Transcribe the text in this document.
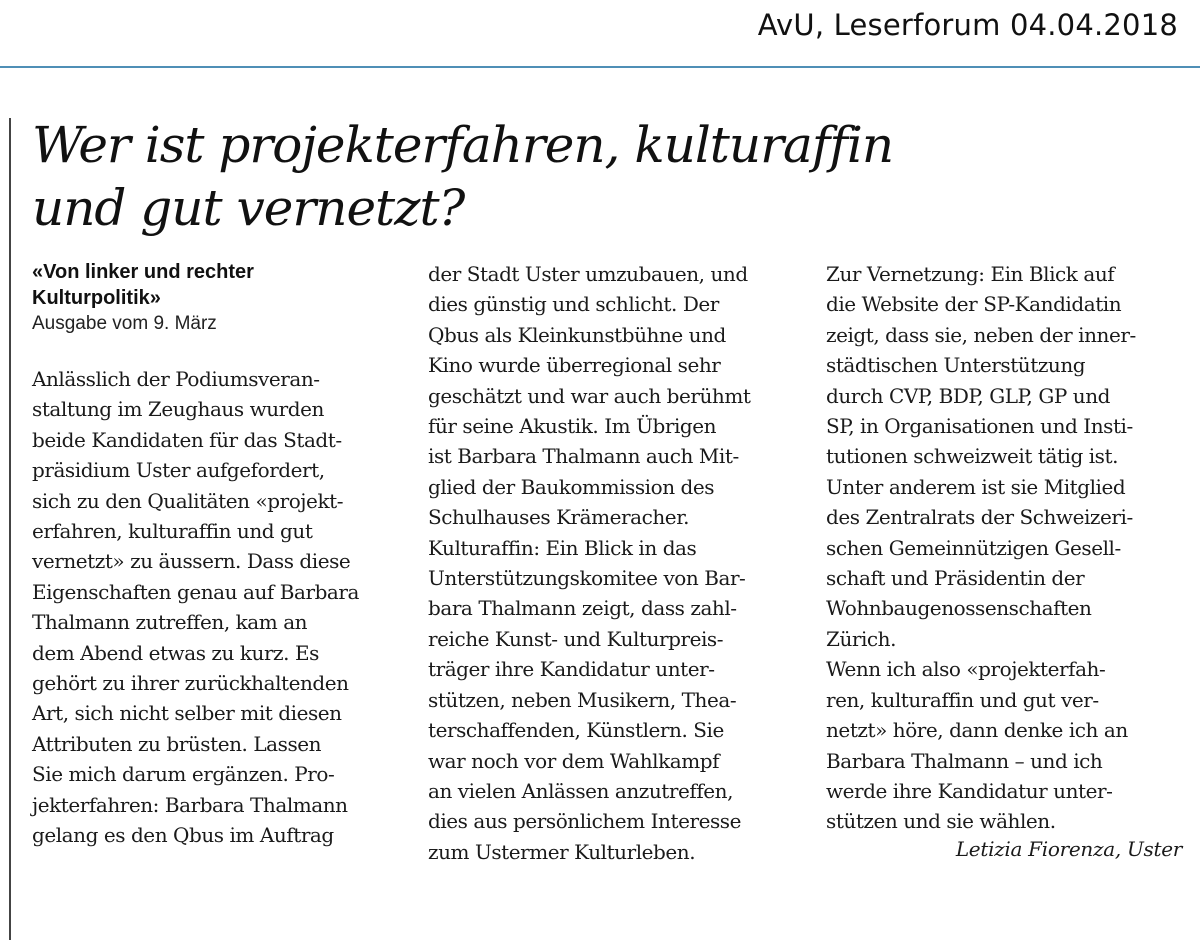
AvU, Leserforum 04.04.2018
Wer ist projekterfahren, kulturaffin
und gut vernetzt?
«Von linker und rechter
Kulturpolitik»
Ausgabe vom 9. März
Anlässlich der Podiumsveran-
staltung im Zeughaus wurden
beide Kandidaten für das Stadt-
präsidium Uster aufgefordert,
sich zu den Qualitäten «projekt-
erfahren, kulturaffin und gut
vernetzt» zu äussern. Dass diese
Eigenschaften genau auf Barbara
Thalmann zutreffen, kam an
dem Abend etwas zu kurz. Es
gehört zu ihrer zurückhaltenden
Art, sich nicht selber mit diesen
Attributen zu brüsten. Lassen
Sie mich darum ergänzen. Pro-
jekterfahren: Barbara Thalmann
gelang es den Qbus im Auftrag
der Stadt Uster umzubauen, und
dies günstig und schlicht. Der
Qbus als Kleinkunstbühne und
Kino wurde überregional sehr
geschätzt und war auch berühmt
für seine Akustik. Im Übrigen
ist Barbara Thalmann auch Mit-
glied der Baukommission des
Schulhauses Krämeracher.
Kulturaffin: Ein Blick in das
Unterstützungskomitee von Bar-
bara Thalmann zeigt, dass zahl-
reiche Kunst- und Kulturpreis-
träger ihre Kandidatur unter-
stützen, neben Musikern, Thea-
terschaffenden, Künstlern. Sie
war noch vor dem Wahlkampf
an vielen Anlässen anzutreffen,
dies aus persönlichem Interesse
zum Ustermer Kulturleben.
Zur Vernetzung: Ein Blick auf
die Website der SP-Kandidatin
zeigt, dass sie, neben der inner-
städtischen Unterstützung
durch CVP, BDP, GLP, GP und
SP, in Organisationen und Insti-
tutionen schweizweit tätig ist.
Unter anderem ist sie Mitglied
des Zentralrats der Schweizeri-
schen Gemeinnützigen Gesell-
schaft und Präsidentin der
Wohnbaugenossenschaften
Zürich.
Wenn ich also «projekterfah-
ren, kulturaffin und gut ver-
netzt» höre, dann denke ich an
Barbara Thalmann – und ich
werde ihre Kandidatur unter-
stützen und sie wählen.
Letizia Fiorenza, Uster
